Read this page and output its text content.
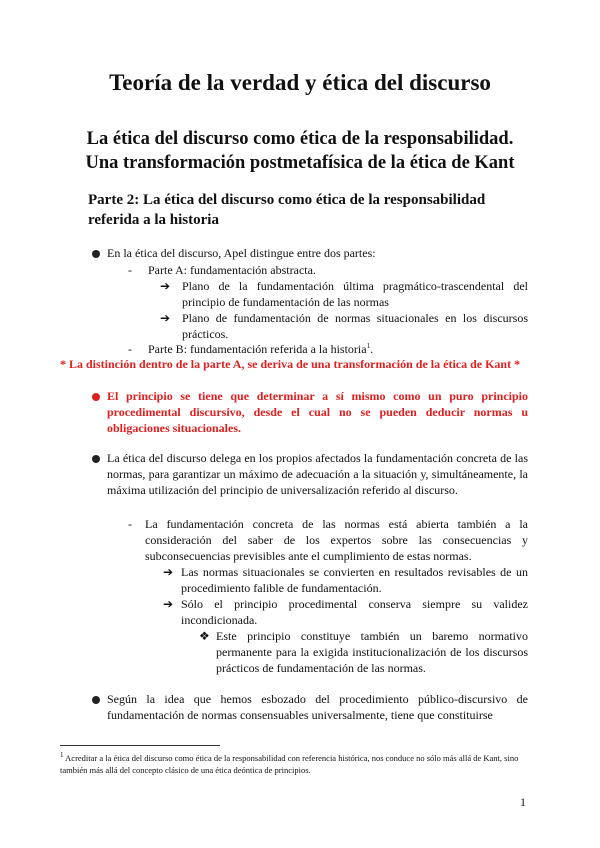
Teoría de la verdad y ética del discurso

La ética del discurso como ética de la responsabilidad.

Una transformación postmetafísica de la ética de Kant

Parte 2: La ética del discurso como ética de la responsabilidad referida a la historia

En la ética del discurso, Apel distingue entre dos partes:

- Parte A: fundamentación abstracta.

➔ Plano de la fundamentación última pragmático-trascendental del principio de fundamentación de las normas

➔ Plano de fundamentación de normas situacionales en los discursos prácticos.

- Parte B: fundamentación referida a la historia$^1$.

* La distinción dentro de la parte A, se deriva de una transformación de la ética de Kant *

El principio se tiene que determinar a sí mismo como un puro principio procedimental discursivo, desde el cual no se pueden deducir normas u obligaciones situacionales.

La ética del discurso delega en los propios afectados la fundamentación concreta de las normas, para garantizar un máximo de adecuación a la situación y, simultáneamente, la máxima utilización del principio de universalización referido al discurso.

- La fundamentación concreta de las normas está abierta también a la consideración del saber de los expertos sobre las consecuencias y subconsecuencias previsibles ante el cumplimiento de estas normas.

➔ Las normas situacionales se convierten en resultados revisables de un procedimiento falible de fundamentación.

➔ Sólo el principio procedimental conserva siempre su validez incondicionada.

❖ Este principio constituye también un baremo normativo permanente para la exigida institucionalización de los discursos prácticos de fundamentación de las normas.

Según la idea que hemos esbozado del procedimiento público-discursivo de fundamentación de normas consensuables universalmente, tiene que constituirse

$^1$ Acreditar a la ética del discurso como ética de la responsabilidad con referencia histórica, nos conduce no sólo más allá de Kant, sino también más allá del concepto clásico de una ética deóntica de principios.

1
